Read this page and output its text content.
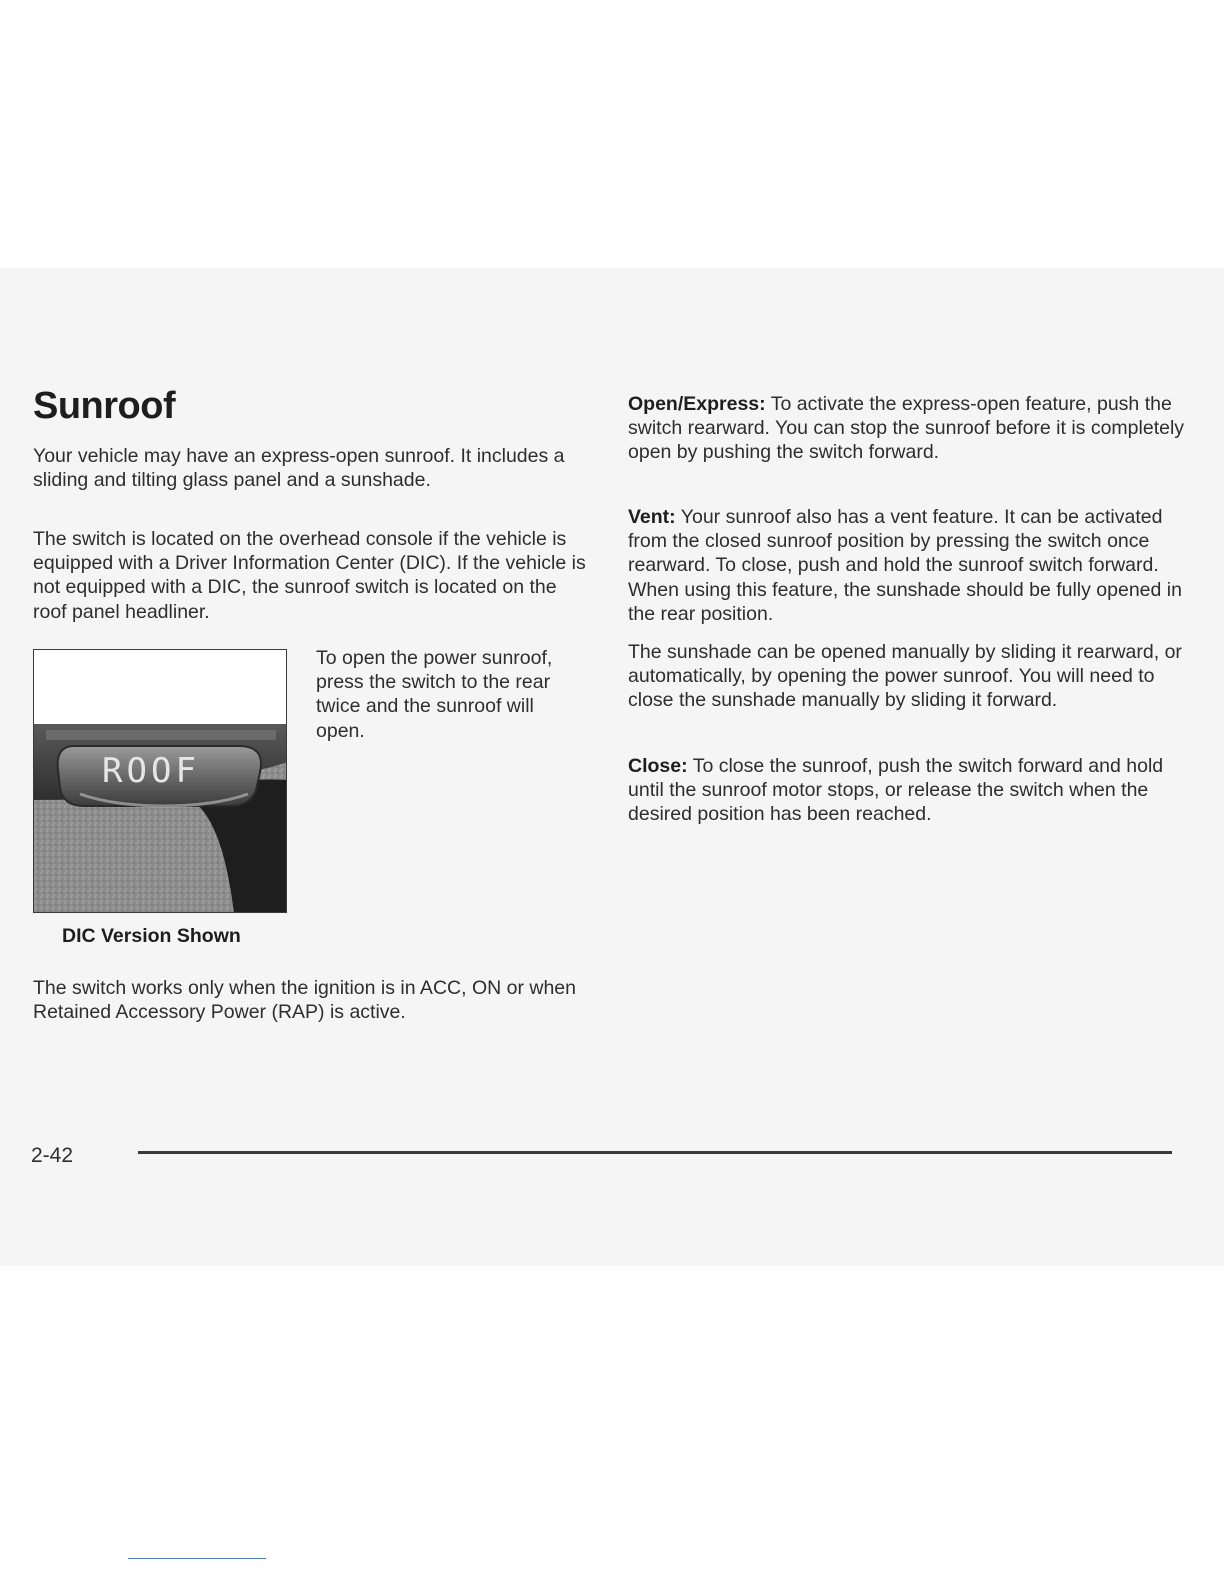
Sunroof

Your vehicle may have an express-open sunroof. It includes a sliding and tilting glass panel and a sunshade.

The switch is located on the overhead console if the vehicle is equipped with a Driver Information Center (DIC). If the vehicle is not equipped with a DIC, the sunroof switch is located on the roof panel headliner.

ROOF

To open the power sunroof, press the switch to the rear twice and the sunroof will open.

DIC Version Shown

The switch works only when the ignition is in ACC, ON or when Retained Accessory Power (RAP) is active.

Open/Express: To activate the express-open feature, push the switch rearward. You can stop the sunroof before it is completely open by pushing the switch forward.

Vent: Your sunroof also has a vent feature. It can be activated from the closed sunroof position by pressing the switch once rearward. To close, push and hold the sunroof switch forward. When using this feature, the sunshade should be fully opened in the rear position.

The sunshade can be opened manually by sliding it rearward, or automatically, by opening the power sunroof. You will need to close the sunshade manually by sliding it forward.

Close: To close the sunroof, push the switch forward and hold until the sunroof motor stops, or release the switch when the desired position has been reached.

2-42
